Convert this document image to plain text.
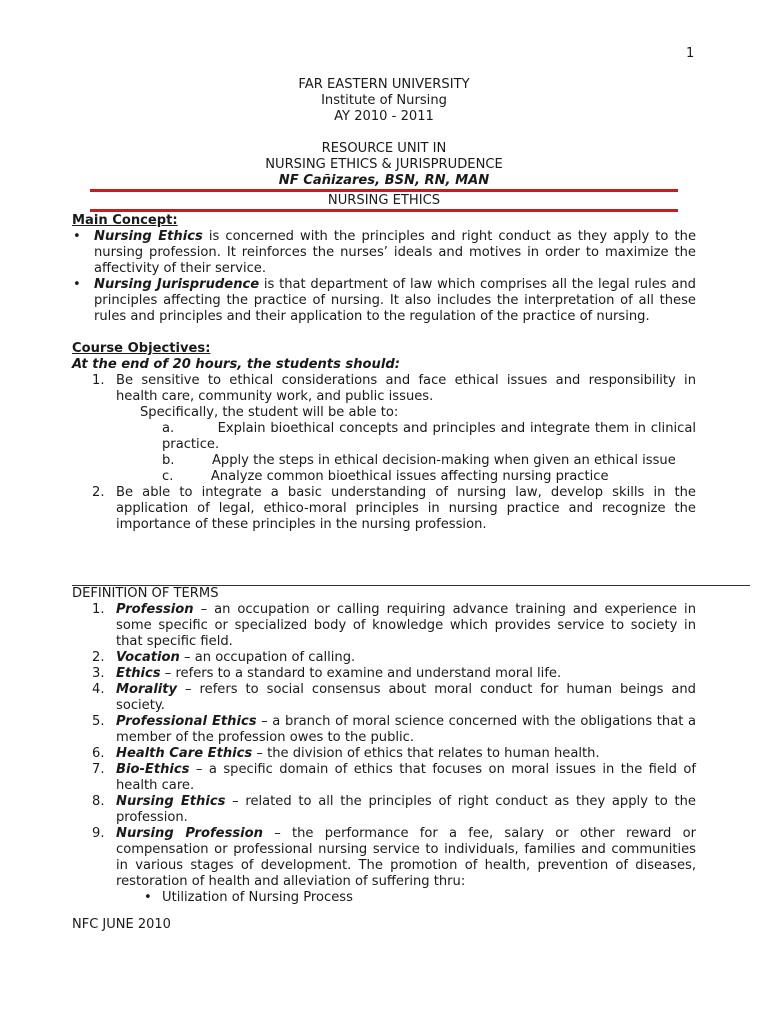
1
FAR EASTERN UNIVERSITY
Institute of Nursing
AY 2010 - 2011
RESOURCE UNIT IN
NURSING ETHICS & JURISPRUDENCE
NF Cañizares, BSN, RN, MAN
NURSING ETHICS
Main Concept:
• Nursing Ethics is concerned with the principles and right conduct as they apply to the nursing profession. It reinforces the nurses’ ideals and motives in order to maximize the affectivity of their service.
• Nursing Jurisprudence is that department of law which comprises all the legal rules and principles affecting the practice of nursing. It also includes the interpretation of all these rules and principles and their application to the regulation of the practice of nursing.
Course Objectives:
At the end of 20 hours, the students should:
1. Be sensitive to ethical considerations and face ethical issues and responsibility in health care, community work, and public issues.
Specifically, the student will be able to:
a.	Explain bioethical concepts and principles and integrate them in clinical practice.
b.	Apply the steps in ethical decision-making when given an ethical issue
c.	Analyze common bioethical issues affecting nursing practice
2. Be able to integrate a basic understanding of nursing law, develop skills in the application of legal, ethico-moral principles in nursing practice and recognize the importance of these principles in the nursing profession.
DEFINITION OF TERMS
1. Profession – an occupation or calling requiring advance training and experience in some specific or specialized body of knowledge which provides service to society in that specific field.
2. Vocation – an occupation of calling.
3. Ethics – refers to a standard to examine and understand moral life.
4. Morality – refers to social consensus about moral conduct for human beings and society.
5. Professional Ethics – a branch of moral science concerned with the obligations that a member of the profession owes to the public.
6. Health Care Ethics – the division of ethics that relates to human health.
7. Bio-Ethics – a specific domain of ethics that focuses on moral issues in the field of health care.
8. Nursing Ethics – related to all the principles of right conduct as they apply to the profession.
9. Nursing Profession – the performance for a fee, salary or other reward or compensation or professional nursing service to individuals, families and communities in various stages of development. The promotion of health, prevention of diseases, restoration of health and alleviation of suffering thru:
• Utilization of Nursing Process
NFC JUNE 2010
